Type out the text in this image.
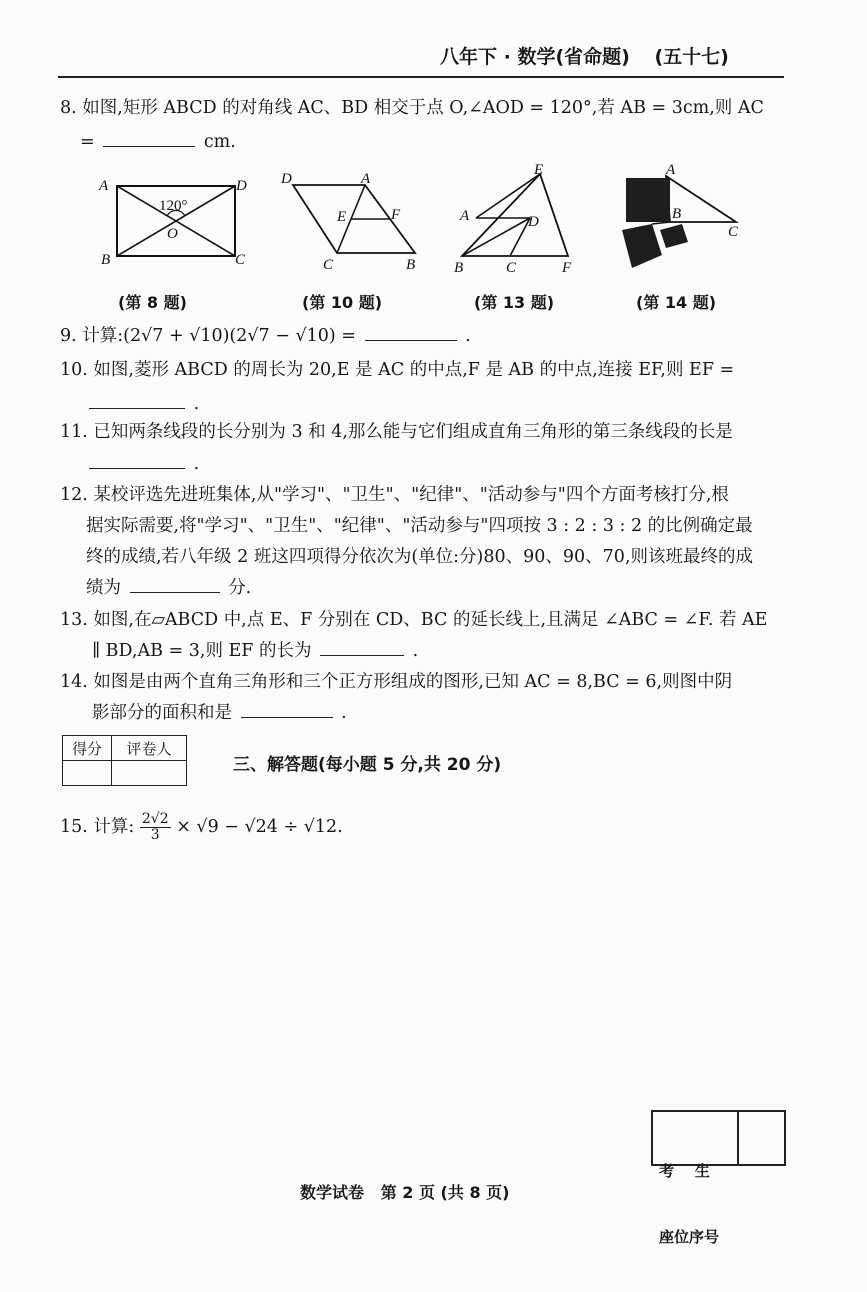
八年下 · 数学(省命题) (五十七)
8. 如图,矩形 ABCD 的对角线 AC、BD 相交于点 O,∠AOD = 120°,若 AB = 3cm,则 AC
=	cm.
A	D
B	C
O
120°
(第 8 题)
D	A
E	F
C	B
(第 10 题)
E
A	D
B	C	F
(第 13 题)
A
B
C
(第 14 题)
9. 计算:(2√7 + √10)(2√7 − √10) =	.
10. 如图,菱形 ABCD 的周长为 20,E 是 AC 的中点,F 是 AB 的中点,连接 EF,则 EF =
.
11. 已知两条线段的长分别为 3 和 4,那么能与它们组成直角三角形的第三条线段的长是
.
12. 某校评选先进班集体,从"学习"、"卫生"、"纪律"、"活动参与"四个方面考核打分,根
据实际需要,将"学习"、"卫生"、"纪律"、"活动参与"四项按 3 : 2 : 3 : 2 的比例确定最
终的成绩,若八年级 2 班这四项得分依次为(单位:分)80、90、90、70,则该班最终的成
绩为	分.
13. 如图,在▱ABCD 中,点 E、F 分别在 CD、BC 的延长线上,且满足 ∠ABC = ∠F. 若 AE
∥ BD,AB = 3,则 EF 的长为	.
14. 如图是由两个直角三角形和三个正方形组成的图形,已知 AC = 8,BC = 6,则图中阴
影部分的面积和是	.
得分	评卷人

三、解答题(每小题 5 分,共 20 分)
15. 计算: $\frac{2√2}{3} \times √9 - √24 \div √12$.

考    生

座位序号

数学试卷   第 2 页 (共 8 页)
